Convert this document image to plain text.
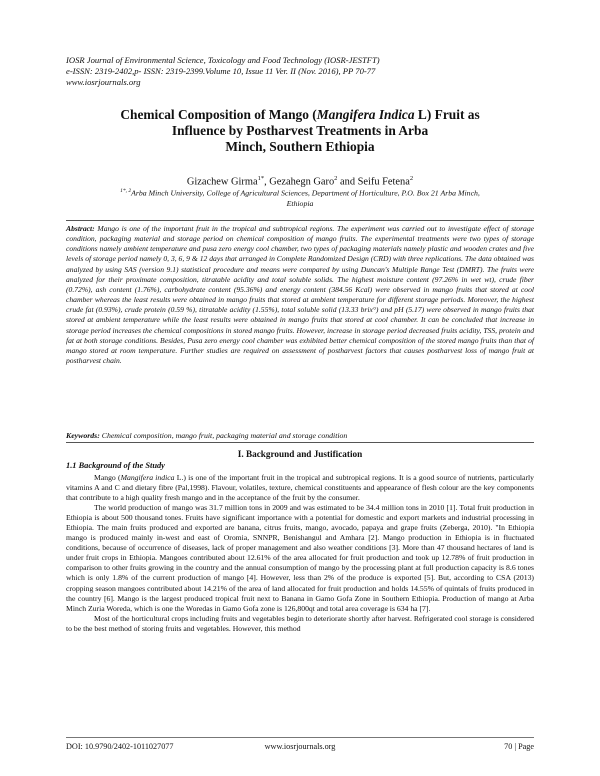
IOSR Journal of Environmental Science, Toxicology and Food Technology (IOSR-JESTFT)
e-ISSN: 2319-2402,p- ISSN: 2319-2399.Volume 10, Issue 11 Ver. II (Nov. 2016), PP 70-77
www.iosrjournals.org
Chemical Composition of Mango (Mangifera Indica L) Fruit as
Influence by Postharvest Treatments in Arba
Minch, Southern Ethiopia
Gizachew Girma$^{1*}$, Gezahegn Garo$^2$ and Seifu Fetena$^2$
$^{1*, 2}$Arba Minch University, College of Agricultural Sciences, Department of Horticulture, P.O. Box 21 Arba Minch,
Ethiopia
Abstract: Mango is one of the important fruit in the tropical and subtropical regions. The experiment was carried out to investigate effect of storage condition, packaging material and storage period on chemical composition of mango fruits. The experimental treatments were two types of storage conditions namely ambient temperature and pusa zero energy cool chamber, two types of packaging materials namely plastic and wooden crates and five levels of storage period namely 0, 3, 6, 9 & 12 days that arranged in Complete Randomized Design (CRD) with three replications. The data obtained was analyzed by using SAS (version 9.1) statistical procedure and means were compared by using Duncan's Multiple Range Test (DMRT). The fruits were analyzed for their proximate composition, titratable acidity and total soluble solids. The highest moisture content (97.26% in wet wt), crude fiber (0.72%), ash content (1.76%), carbohydrate content (95.36%) and energy content (384.56 Kcal) were observed in mango fruits that stored at cool chamber whereas the least results were obtained in mango fruits that stored at ambient temperature for different storage periods. Moreover, the highest crude fat (0.93%), crude protein (0.59 %), titratable acidity (1.55%), total soluble solid (13.33 brix°) and pH (5.17) were observed in mango fruits that stored at ambient temperature while the least results were obtained in mango fruits that stored at cool chamber. It can be concluded that increase in storage period increases the chemical compositions in stored mango fruits. However, increase in storage period decreased fruits acidity, TSS, protein and fat at both storage conditions. Besides, Pusa zero energy cool chamber was exhibited better chemical composition of the stored mango fruits than that of mango stored at room temperature. Further studies are required on assessment of postharvest factors that causes postharvest loss of mango fruit at postharvest chain.
Keywords: Chemical composition, mango fruit, packaging material and storage condition
I. Background and Justification
1.1 Background of the Study

Mango (Mangifera indica L.) is one of the important fruit in the tropical and subtropical regions. It is a good source of nutrients, particularly vitamins A and C and dietary fibre (Pal,1998). Flavour, volatiles, texture, chemical constituents and appearance of flesh colour are the key components that contribute to a high quality fresh mango and in the acceptance of the fruit by the consumer.

The world production of mango was 31.7 million tons in 2009 and was estimated to be 34.4 million tons in 2010 [1]. Total fruit production in Ethiopia is about 500 thousand tones. Fruits have significant importance with a potential for domestic and export markets and industrial processing in Ethiopia. The main fruits produced and exported are banana, citrus fruits, mango, avocado, papaya and grape fruits (Zeberga, 2010). "In Ethiopia mango is produced mainly in-west and east of Oromia, SNNPR, Benishangul and Amhara [2]. Mango production in Ethiopia is in fluctuated conditions, because of occurrence of diseases, lack of proper management and also weather conditions [3]. More than 47 thousand hectares of land is under fruit crops in Ethiopia. Mangoes contributed about 12.61% of the area allocated for fruit production and took up 12.78% of fruit production in comparison to other fruits growing in the country and the annual consumption of mango by the processing plant at full production capacity is 8.6 tones which is only 1.8% of the current production of mango [4]. However, less than 2% of the produce is exported [5]. But, according to CSA (2013) cropping season mangoes contributed about 14.21% of the area of land allocated for fruit production and holds 14.55% of quintals of fruits produced in the country [6]. Mango is the largest produced tropical fruit next to Banana in Gamo Gofa Zone in Southern Ethiopia. Production of mango at Arba Minch Zuria Woreda, which is one the Woredas in Gamo Gofa zone is 126,800qt and total area coverage is 634 ha [7].

Most of the horticultural crops including fruits and vegetables begin to deteriorate shortly after harvest. Refrigerated cool storage is considered to be the best method of storing fruits and vegetables. However, this method

DOI: 10.9790/2402-1011027077	www.iosrjournals.org	70 | Page
